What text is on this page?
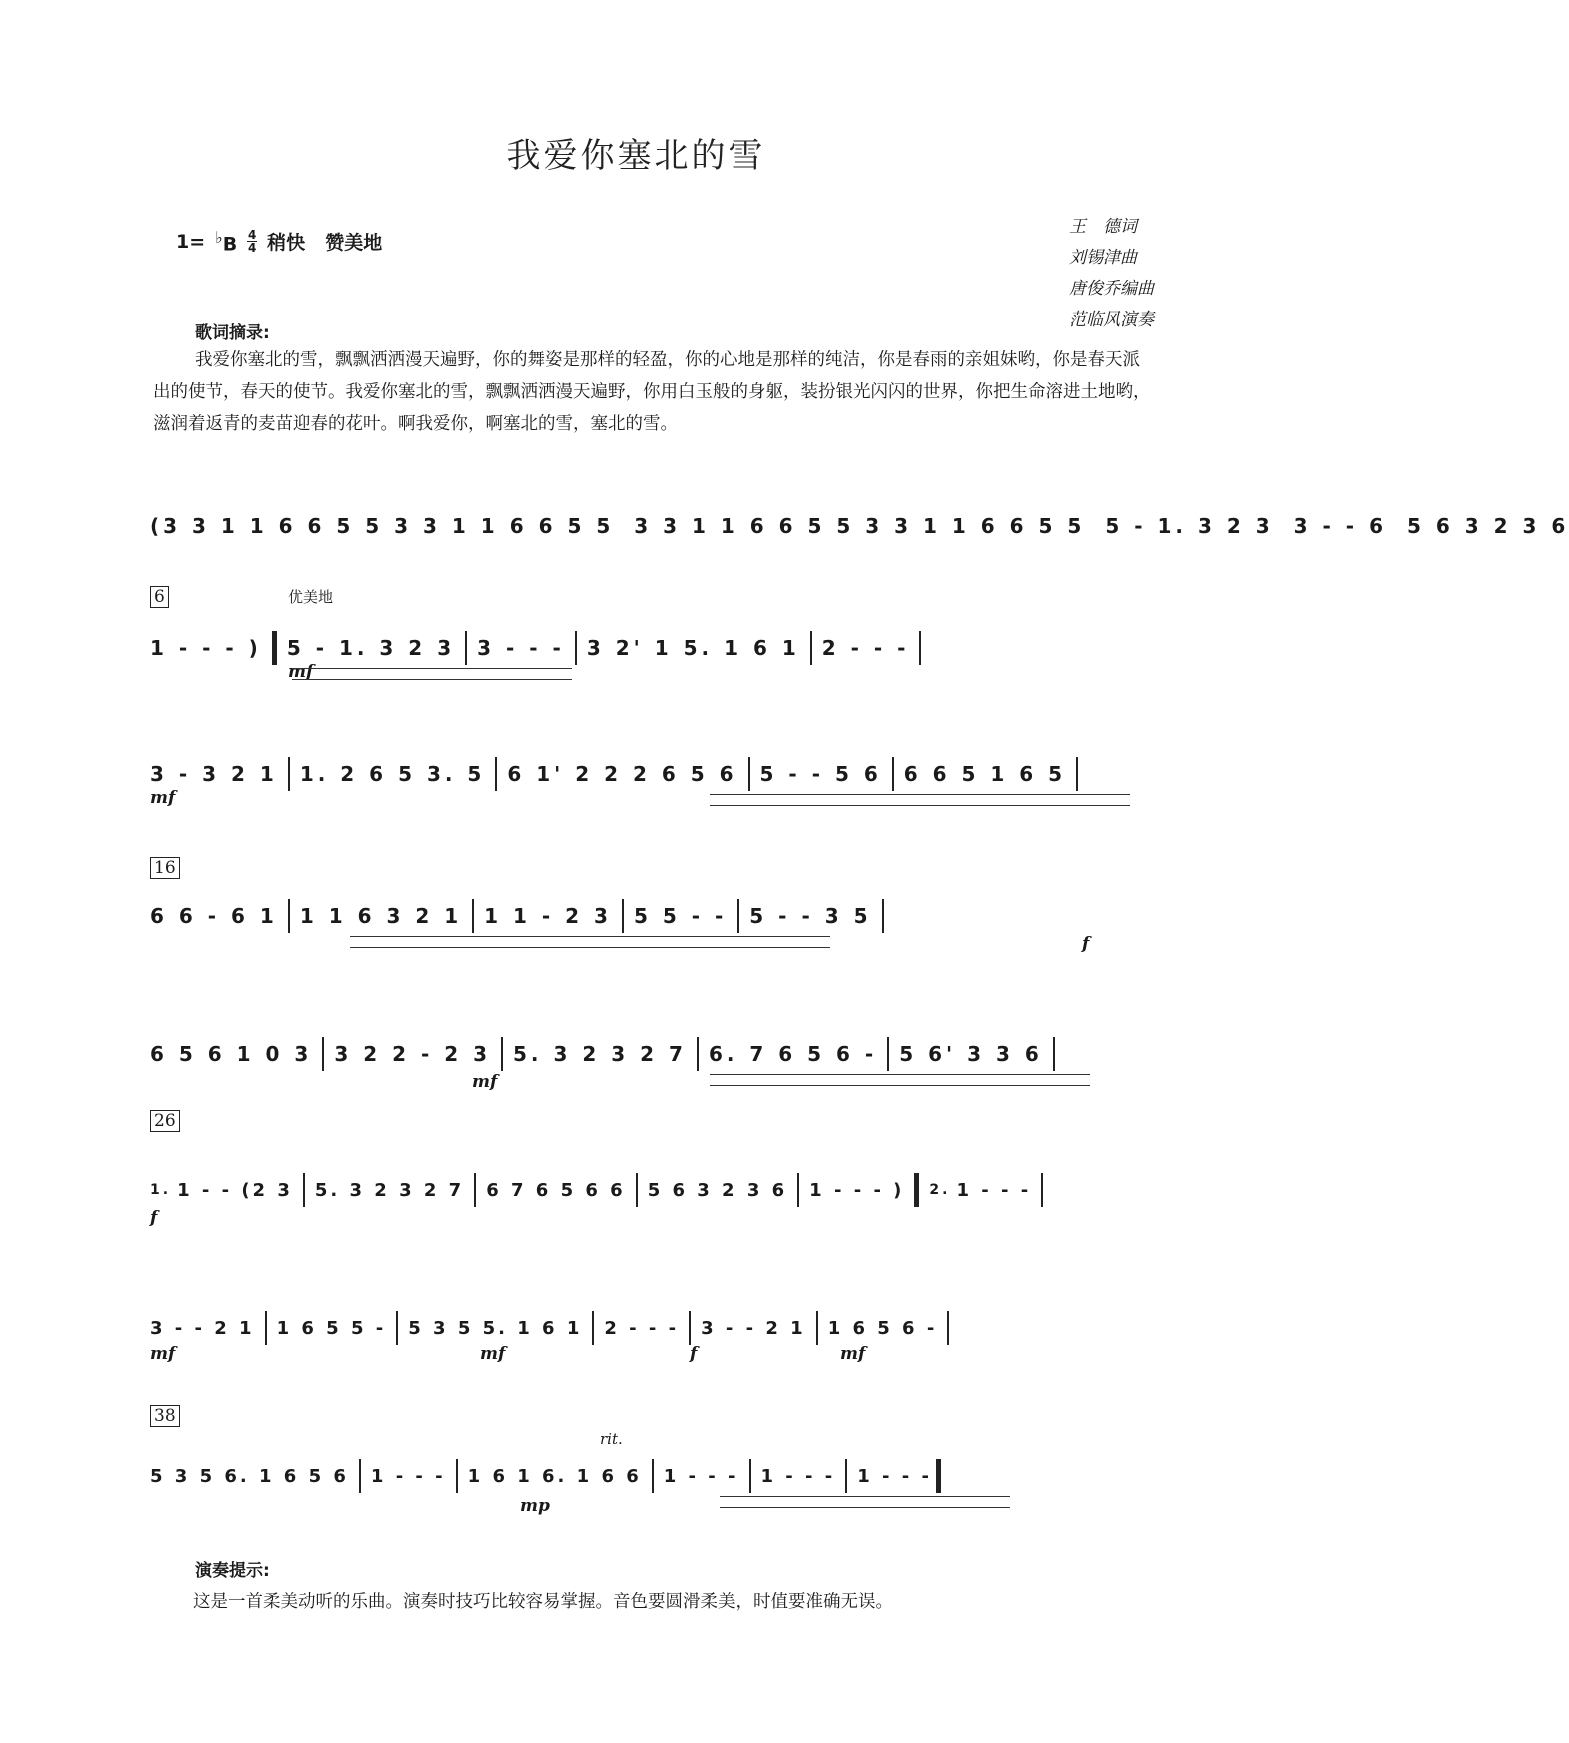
我爱你塞北的雪
$1= ^♭B \frac{4}{4}$ 稍快 赞美地
王　德词
刘锡津曲
唐俊乔编曲
范临风演奏
歌词摘录:
我爱你塞北的雪，飘飘洒洒漫天遍野，你的舞姿是那样的轻盈，你的心地是那样的纯洁，你是春雨的亲姐妹哟，你是春天派出的使节，春天的使节。我爱你塞北的雪，飘飘洒洒漫天遍野，你用白玉般的身躯，装扮银光闪闪的世界，你把生命溶进土地哟，滋润着返青的麦苗迎春的花叶。啊我爱你，啊塞北的雪，塞北的雪。
6
16
26
38
优美地
rit.
(3 3 1 1 6 6 5 5 3 3 1 1 6 6 5 5 3 3 1 1 6 6 5 5 3 3 1 1 6 6 5 5 5 - 1. 3 2 3 3 - - 6 5 6 3 2 3 6
1 - - - ) 5 - 1. 3 2 3 3 - - - 3 2' 1 5. 1 6 1 2 - - -
mf
3 - 3 2 1 1. 2 6 5 3. 5 6 1' 2 2 2 6 5 6 5 - - 5 6 6 6 5 1 6 5
mf
6 6 - 6 1 1 1 6 3 2 1 1 1 - 2 3 5 5 - - 5 - - 3 5
f
6 5 6 1 0 3 3 2 2 - 2 3 5. 3 2 3 2 7 6. 7 6 5 6 - 5 6' 3 3 6
mf
1. 1 - - (2 3 5. 3 2 3 2 7 6 7 6 5 6 6 5 6 3 2 3 6 1 - - - ) 2. 1 - - -
f
3 - - 2 1 1 6 5 5 - 5 3 5 5. 1 6 1 2 - - - 3 - - 2 1 1 6 5 6 -
mf	mf	f	mf
5 3 5 6. 1 6 5 6 1 - - - 1 6 1 6. 1 6 6 1 - - - 1 - - - 1 - - -
mp
演奏提示:
这是一首柔美动听的乐曲。演奏时技巧比较容易掌握。音色要圆滑柔美，时值要准确无误。
